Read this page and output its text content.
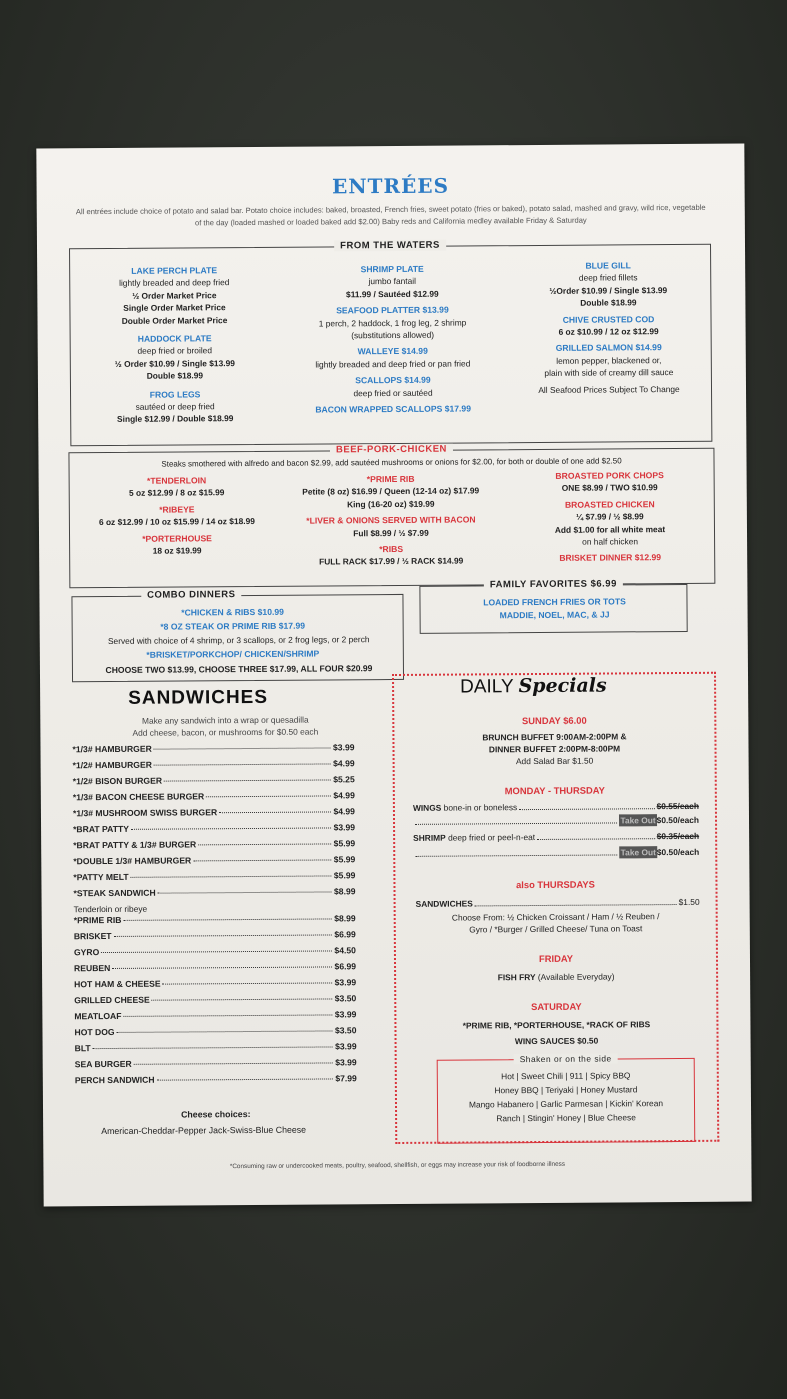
ENTRÉES
All entrées include choice of potato and salad bar. Potato choice includes: baked, broasted, French fries, sweet potato (fries or baked), potato salad, mashed and gravy, wild rice, vegetable of the day (loaded mashed or loaded baked add $2.00) Baby reds and California medley available Friday & Saturday
FROM THE WATERS
LAKE PERCH PLATE
lightly breaded and deep fried
½ Order Market Price
Single Order Market Price
Double Order Market Price
HADDOCK PLATE
deep fried or broiled
½ Order $10.99 / Single $13.99
Double $18.99
FROG LEGS
sautéed or deep fried
Single $12.99 / Double $18.99
SHRIMP PLATE
jumbo fantail
$11.99 / Sautéed $12.99
SEAFOOD PLATTER $13.99
1 perch, 2 haddock, 1 frog leg, 2 shrimp
(substitutions allowed)
WALLEYE $14.99
lightly breaded and deep fried or pan fried
SCALLOPS $14.99
deep fried or sautéed
BACON WRAPPED SCALLOPS $17.99
BLUE GILL
deep fried fillets
½Order $10.99 / Single $13.99
Double $18.99
CHIVE CRUSTED COD
6 oz $10.99 / 12 oz $12.99
GRILLED SALMON $14.99
lemon pepper, blackened or,
plain with side of creamy dill sauce
All Seafood Prices Subject To Change
BEEF-PORK-CHICKEN
Steaks smothered with alfredo and bacon $2.99, add sautéed mushrooms or onions for $2.00, for both or double of one add $2.50
*TENDERLOIN
5 oz $12.99 / 8 oz $15.99
*RIBEYE
6 oz $12.99 / 10 oz $15.99 / 14 oz $18.99
*PORTERHOUSE
18 oz $19.99
*PRIME RIB
Petite (8 oz) $16.99 / Queen (12-14 oz) $17.99
King (16-20 oz) $19.99
*LIVER & ONIONS SERVED WITH BACON
Full $8.99 / ½ $7.99
*RIBS
FULL RACK $17.99 / ½ RACK $14.99
BROASTED PORK CHOPS
ONE $8.99 / TWO $10.99
BROASTED CHICKEN
¼ $7.99 / ½ $8.99
Add $1.00 for all white meat
on half chicken
BRISKET DINNER $12.99
COMBO DINNERS
*CHICKEN & RIBS $10.99
*8 OZ STEAK OR PRIME RIB $17.99
Served with choice of 4 shrimp, or 3 scallops, or 2 frog legs, or 2 perch
*BRISKET/PORKCHOP/ CHICKEN/SHRIMP
CHOOSE TWO $13.99, CHOOSE THREE $17.99, ALL FOUR $20.99
FAMILY FAVORITES $6.99
LOADED FRENCH FRIES OR TOTS
MADDIE, NOEL, MAC, & JJ
SANDWICHES
Make any sandwich into a wrap or quesadilla
Add cheese, bacon, or mushrooms for $0.50 each
*1/3# HAMBURGER	$3.99
*1/2# HAMBURGER	$4.99
*1/2# BISON BURGER	$5.25
*1/3# BACON CHEESE BURGER	$4.99
*1/3# MUSHROOM SWISS BURGER	$4.99
*BRAT PATTY	$3.99
*BRAT PATTY & 1/3# BURGER	$5.99
*DOUBLE 1/3# HAMBURGER	$5.99
*PATTY MELT	$5.99
*STEAK SANDWICH	$8.99
*PRIME RIB	$8.99
BRISKET	$6.99
GYRO	$4.50
REUBEN	$6.99
HOT HAM & CHEESE	$3.99
GRILLED CHEESE	$3.50
MEATLOAF	$3.99
HOT DOG	$3.50
BLT	$3.99
SEA BURGER	$3.99
PERCH SANDWICH	$7.99
Tenderloin or ribeye
Cheese choices:
American-Cheddar-Pepper Jack-Swiss-Blue Cheese
DAILY Specials
SUNDAY $6.00
BRUNCH BUFFET 9:00AM-2:00PM &
DINNER BUFFET 2:00PM-8:00PM
Add Salad Bar $1.50
MONDAY - THURSDAY
WINGS
bone-in or boneless	$0.55/each
Take Out $0.50/each
SHRIMP
deep fried or peel-n-eat	$0.35/each
Take Out $0.50/each
also THURSDAYS
SANDWICHES	$1.50
Choose From: ½ Chicken Croissant / Ham / ½ Reuben /
Gyro / *Burger / Grilled Cheese/ Tuna on Toast
FRIDAY
FISH FRY (Available Everyday)
SATURDAY
*PRIME RIB, *PORTERHOUSE, *RACK OF RIBS
WING SAUCES $0.50
Shaken or on the side
Hot | Sweet Chili | 911 | Spicy BBQ
Honey BBQ | Teriyaki | Honey Mustard
Mango Habanero | Garlic Parmesan | Kickin' Korean
Ranch | Stingin' Honey | Blue Cheese
*Consuming raw or undercooked meats, poultry, seafood, shellfish, or eggs may increase your risk of foodborne illness
